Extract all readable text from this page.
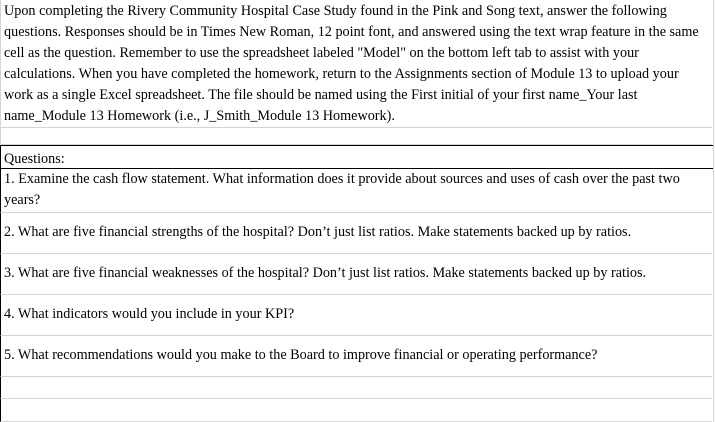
Upon completing the Rivery Community Hospital Case Study found in the Pink and Song text, answer the following questions. Responses should be in Times New Roman, 12 point font, and answered using the text wrap feature in the same cell as the question. Remember to use the spreadsheet labeled "Model" on the bottom left tab to assist with your calculations. When you have completed the homework, return to the Assignments section of Module 13 to upload your work as a single Excel spreadsheet. The file should be named using the First initial of your first name_Your last name_Module 13 Homework (i.e., J_Smith_Module 13 Homework).
Questions:
1. Examine the cash flow statement. What information does it provide about sources and uses of cash over the past two years?
2. What are five financial strengths of the hospital? Don’t just list ratios. Make statements backed up by ratios.
3. What are five financial weaknesses of the hospital? Don’t just list ratios. Make statements backed up by ratios.
4. What indicators would you include in your KPI?
5. What recommendations would you make to the Board to improve financial or operating performance?
